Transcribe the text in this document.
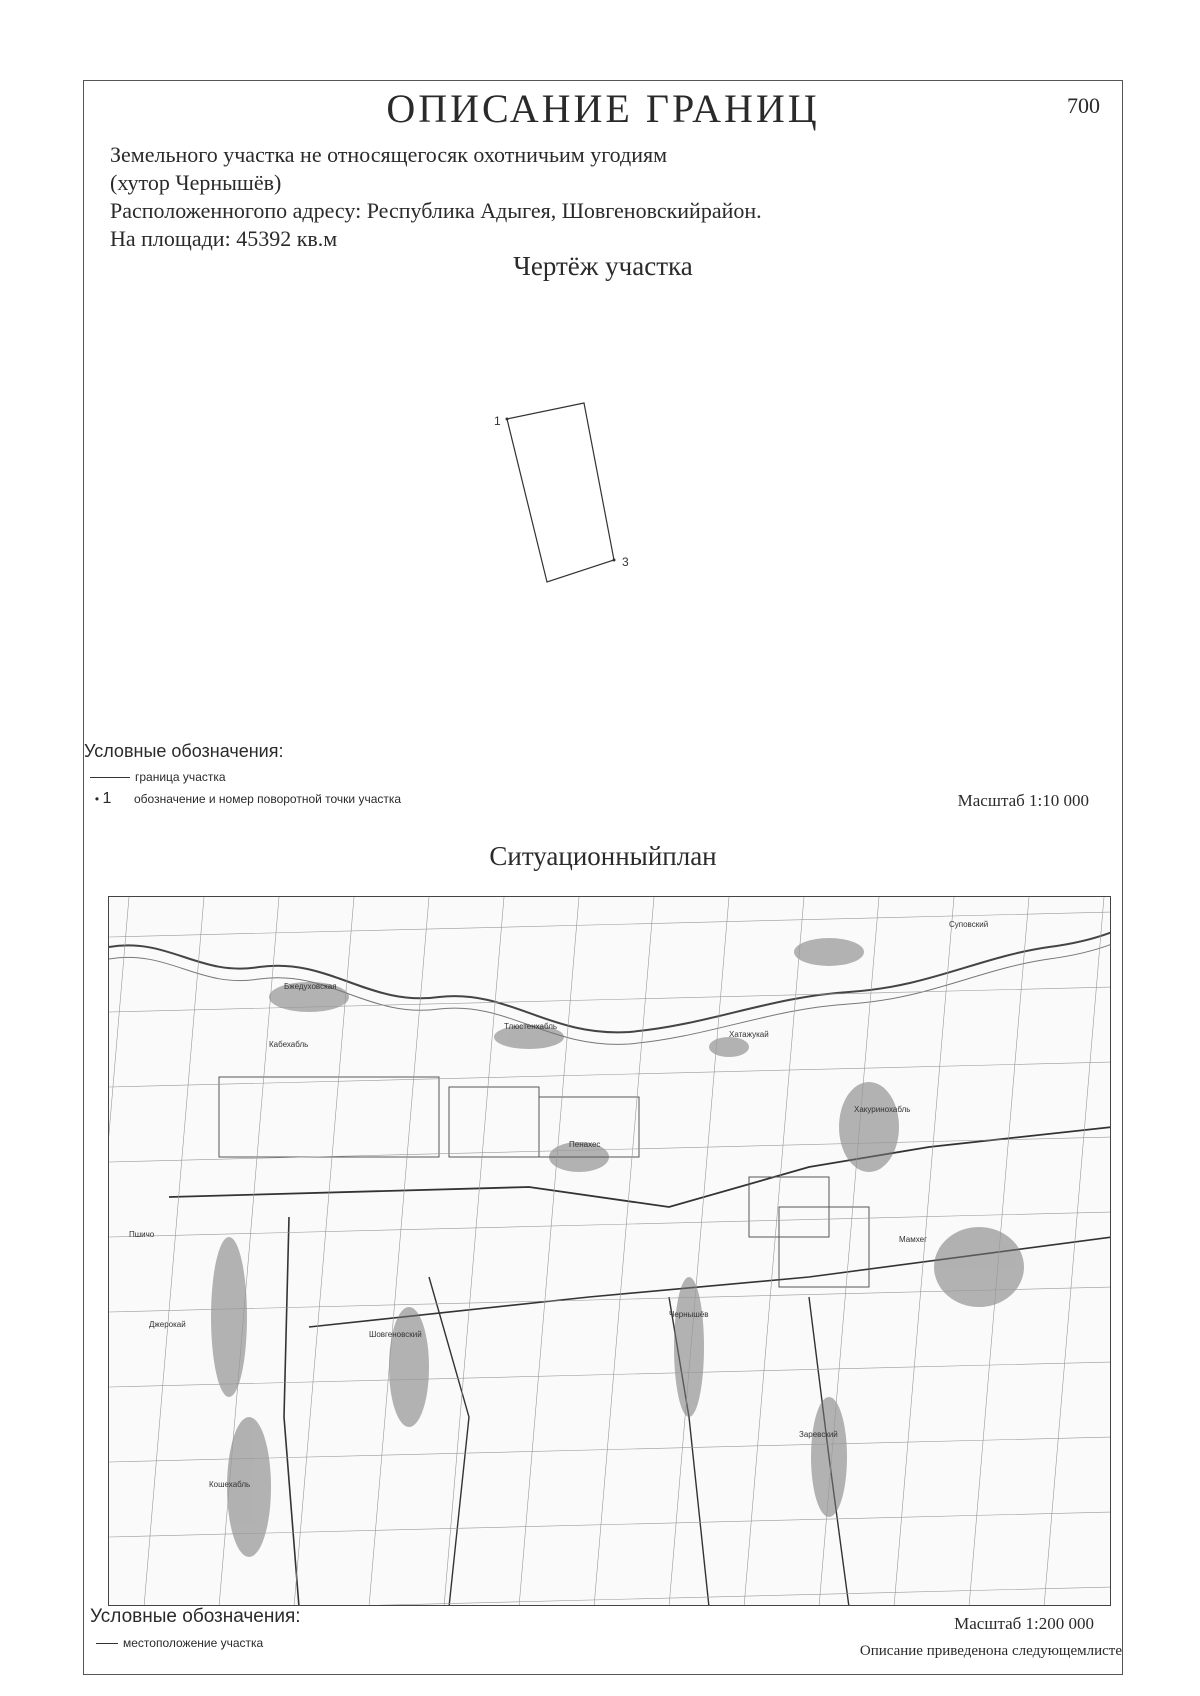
ОПИСАНИЕ ГРАНИЦ	700

Земельного участка не относящегосяк охотничьим угодиям

(хутор Чернышёв)

Расположенногопо адресу: Республика Адыгея, Шовгеновскийрайон.

На площади: 45392 кв.м

Чертёж участка
1
3
Условные обозначения:
граница участка
• 1 обозначение и номер поворотной точки участка	Масштаб 1:10 000
Ситуационныйплан
Бжедуховская
Тлюстенхабль
Суповский
Хакуринохабль
Мамхег
Пшичо
Кабехабль
Джерокай
Шовгеновский
Чернышёв
Заревский
Хатажукай
Пенахес
Кошехабль
Условные обозначения:
местоположение участка
Масштаб 1:200 000
Описание приведенона следующемлисте
